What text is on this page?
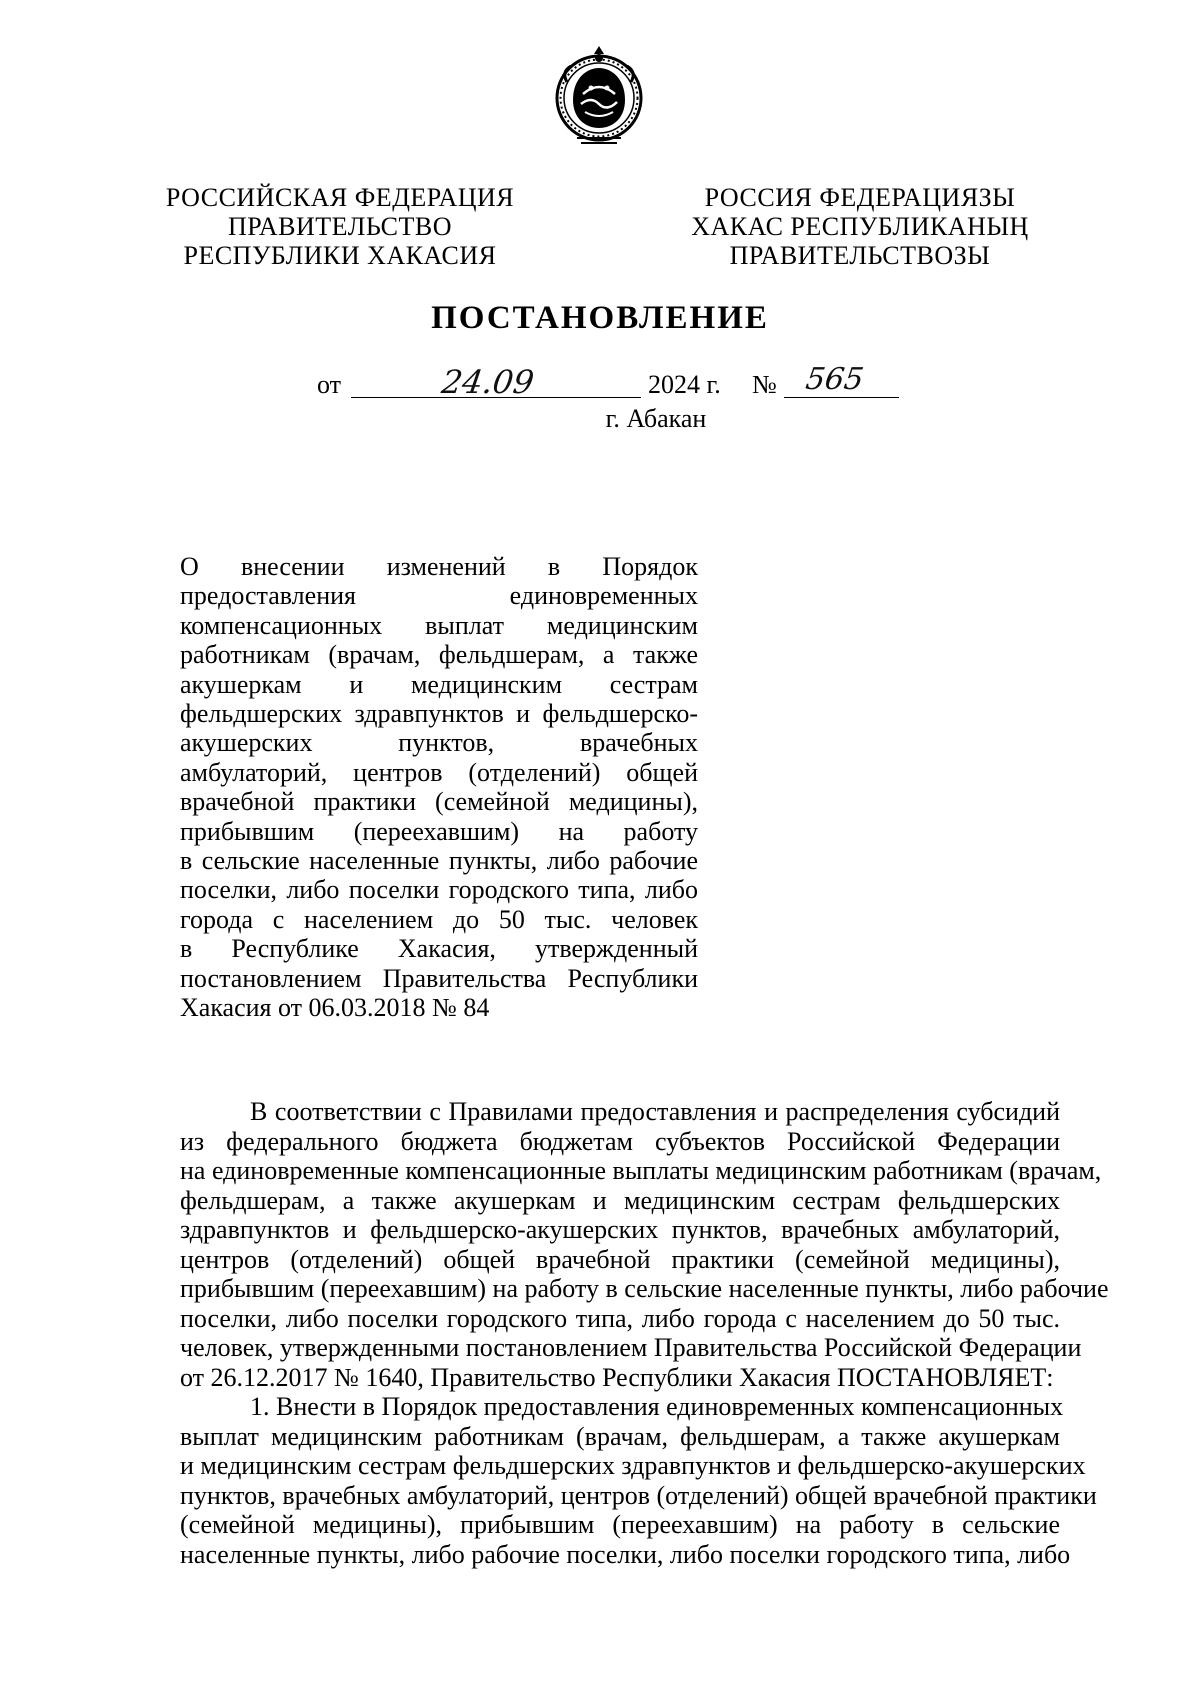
РОССИЙСКАЯ ФЕДЕРАЦИЯ
ПРАВИТЕЛЬСТВО
РЕСПУБЛИКИ ХАКАСИЯ
РОССИЯ ФЕДЕРАЦИЯЗЫ
ХАКАС РЕСПУБЛИКАНЫҢ
ПРАВИТЕЛЬСТВОЗЫ
ПОСТАНОВЛЕНИЕ
от	24.09	2024 г. № 565
г. Абакан
О внесении изменений в Порядок
предоставления единовременных
компенсационных выплат медицинским
работникам (врачам, фельдшерам, а также
акушеркам и медицинским сестрам
фельдшерских здравпунктов и фельдшерско-
акушерских пунктов, врачебных
амбулаторий, центров (отделений) общей
врачебной практики (семейной медицины),
прибывшим (переехавшим) на работу
в сельские населенные пункты, либо рабочие
поселки, либо поселки городского типа, либо
города с населением до 50 тыс. человек
в Республике Хакасия, утвержденный
постановлением Правительства Республики
Хакасия от 06.03.2018 № 84
В соответствии с Правилами предоставления и распределения субсидий
из федерального бюджета бюджетам субъектов Российской Федерации
на единовременные компенсационные выплаты медицинским работникам (врачам,
фельдшерам, а также акушеркам и медицинским сестрам фельдшерских
здравпунктов и фельдшерско-акушерских пунктов, врачебных амбулаторий,
центров (отделений) общей врачебной практики (семейной медицины),
прибывшим (переехавшим) на работу в сельские населенные пункты, либо рабочие
поселки, либо поселки городского типа, либо города с населением до 50 тыс.
человек, утвержденными постановлением Правительства Российской Федерации
от 26.12.2017 № 1640, Правительство Республики Хакасия ПОСТАНОВЛЯЕТ:
1. Внести в Порядок предоставления единовременных компенсационных
выплат медицинским работникам (врачам, фельдшерам, а также акушеркам
и медицинским сестрам фельдшерских здравпунктов и фельдшерско-акушерских
пунктов, врачебных амбулаторий, центров (отделений) общей врачебной практики
(семейной медицины), прибывшим (переехавшим) на работу в сельские
населенные пункты, либо рабочие поселки, либо поселки городского типа, либо
